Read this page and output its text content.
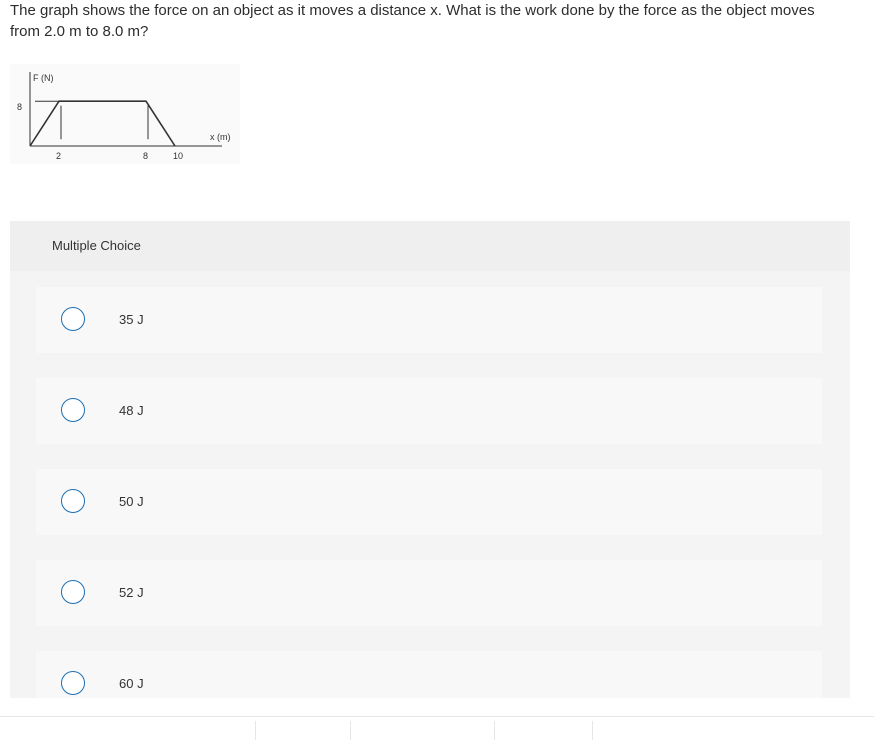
The graph shows the force on an object as it moves a distance x. What is the work done by the force as the object moves from 2.0 m to 8.0 m?
F (N)
x (m)
8
2	8	10
Multiple Choice
35 J
48 J
50 J
52 J
60 J
